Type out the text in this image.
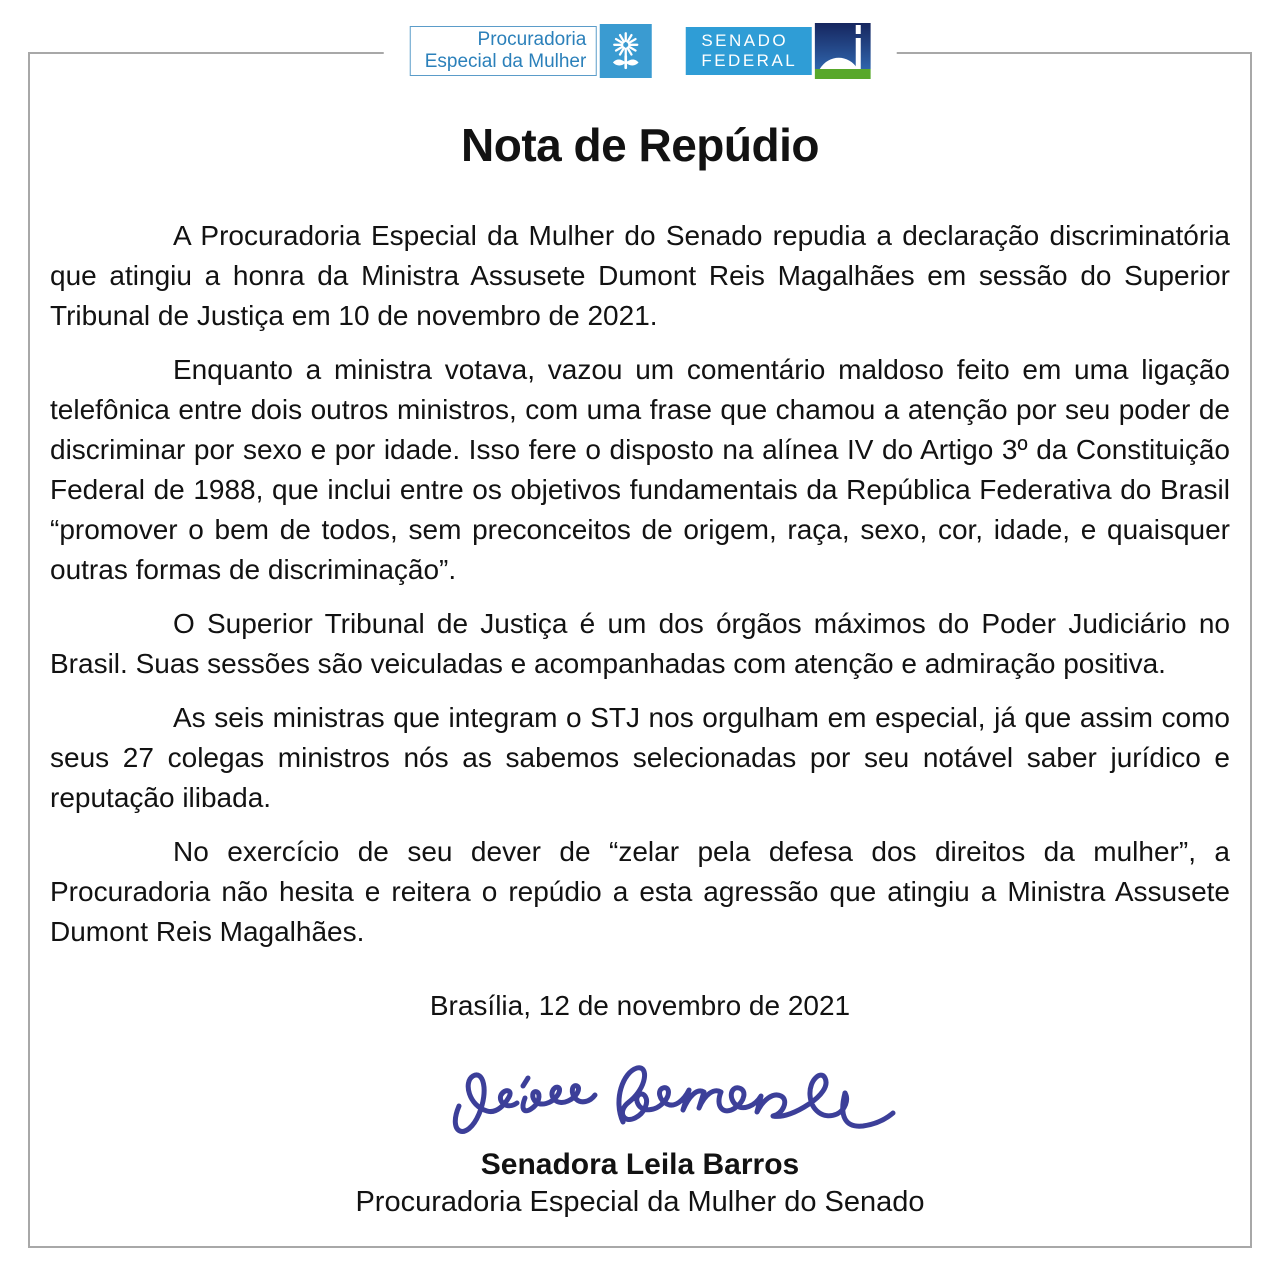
Procuradoria
Especial da Mulher
SENADO
FEDERAL
Nota de Repúdio

A Procuradoria Especial da Mulher do Senado repudia a declaração discriminatória que atingiu a honra da Ministra Assusete Dumont Reis Magalhães em sessão do Superior Tribunal de Justiça em 10 de novembro de 2021.

Enquanto a ministra votava, vazou um comentário maldoso feito em uma ligação telefônica entre dois outros ministros, com uma frase que chamou a atenção por seu poder de discriminar por sexo e por idade. Isso fere o disposto na alínea IV do Artigo 3º da Constituição Federal de 1988, que inclui entre os objetivos fundamentais da República Federativa do Brasil “promover o bem de todos, sem preconceitos de origem, raça, sexo, cor, idade, e quaisquer outras formas de discriminação”.

O Superior Tribunal de Justiça é um dos órgãos máximos do Poder Judiciário no Brasil. Suas sessões são veiculadas e acompanhadas com atenção e admiração positiva.

As seis ministras que integram o STJ nos orgulham em especial, já que assim como seus 27 colegas ministros nós as sabemos selecionadas por seu notável saber jurídico e reputação ilibada.

No exercício de seu dever de “zelar pela defesa dos direitos da mulher”, a Procuradoria não hesita e reitera o repúdio a esta agressão que atingiu a Ministra Assusete Dumont Reis Magalhães.

Brasília, 12 de novembro de 2021

Senadora Leila Barros

Procuradoria Especial da Mulher do Senado
